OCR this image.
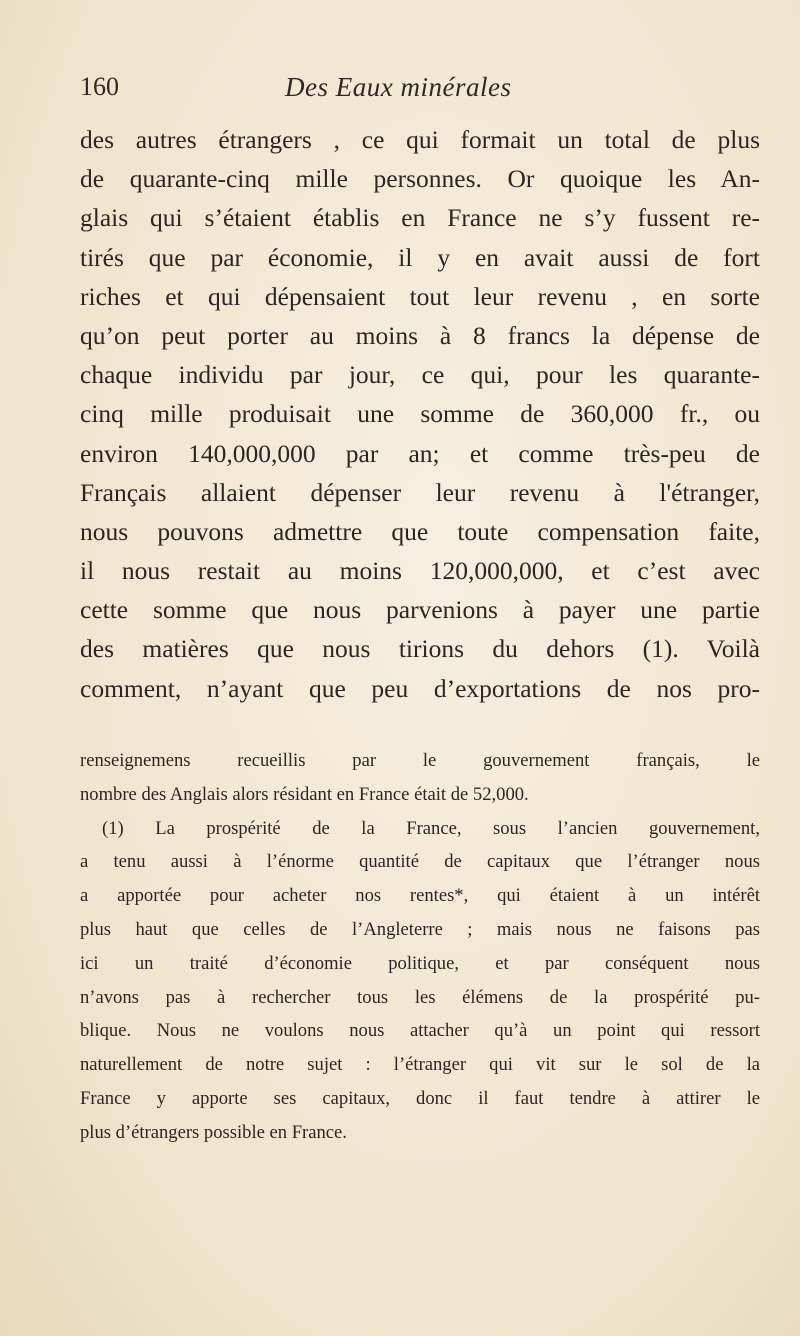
160	Des Eaux minérales
des autres étrangers , ce qui formait un total de plus
de quarante-cinq mille personnes. Or quoique les An-
glais qui s’étaient établis en France ne s’y fussent re-
tirés que par économie, il y en avait aussi de fort
riches et qui dépensaient tout leur revenu , en sorte
qu’on peut porter au moins à 8 francs la dépense de
chaque individu par jour, ce qui, pour les quarante-
cinq mille produisait une somme de 360,000 fr., ou
environ 140,000,000 par an; et comme très-peu de
Français allaient dépenser leur revenu à l'étranger,
nous pouvons admettre que toute compensation faite,
il nous restait au moins 120,000,000, et c’est avec
cette somme que nous parvenions à payer une partie
des matières que nous tirions du dehors (1). Voilà
comment, n’ayant que peu d’exportations de nos pro-
renseignemens recueillis par le gouvernement français, le
nombre des Anglais alors résidant en France était de 52,000.
(1) La prospérité de la France, sous l’ancien gouvernement,
a tenu aussi à l’énorme quantité de capitaux que l’étranger nous
a apportée pour acheter nos rentes*, qui étaient à un intérêt
plus haut que celles de l’Angleterre ; mais nous ne faisons pas
ici un traité d’économie politique, et par conséquent nous
n’avons pas à rechercher tous les élémens de la prospérité pu-
blique. Nous ne voulons nous attacher qu’à un point qui ressort
naturellement de notre sujet : l’étranger qui vit sur le sol de la
France y apporte ses capitaux, donc il faut tendre à attirer le
plus d’étrangers possible en France.
